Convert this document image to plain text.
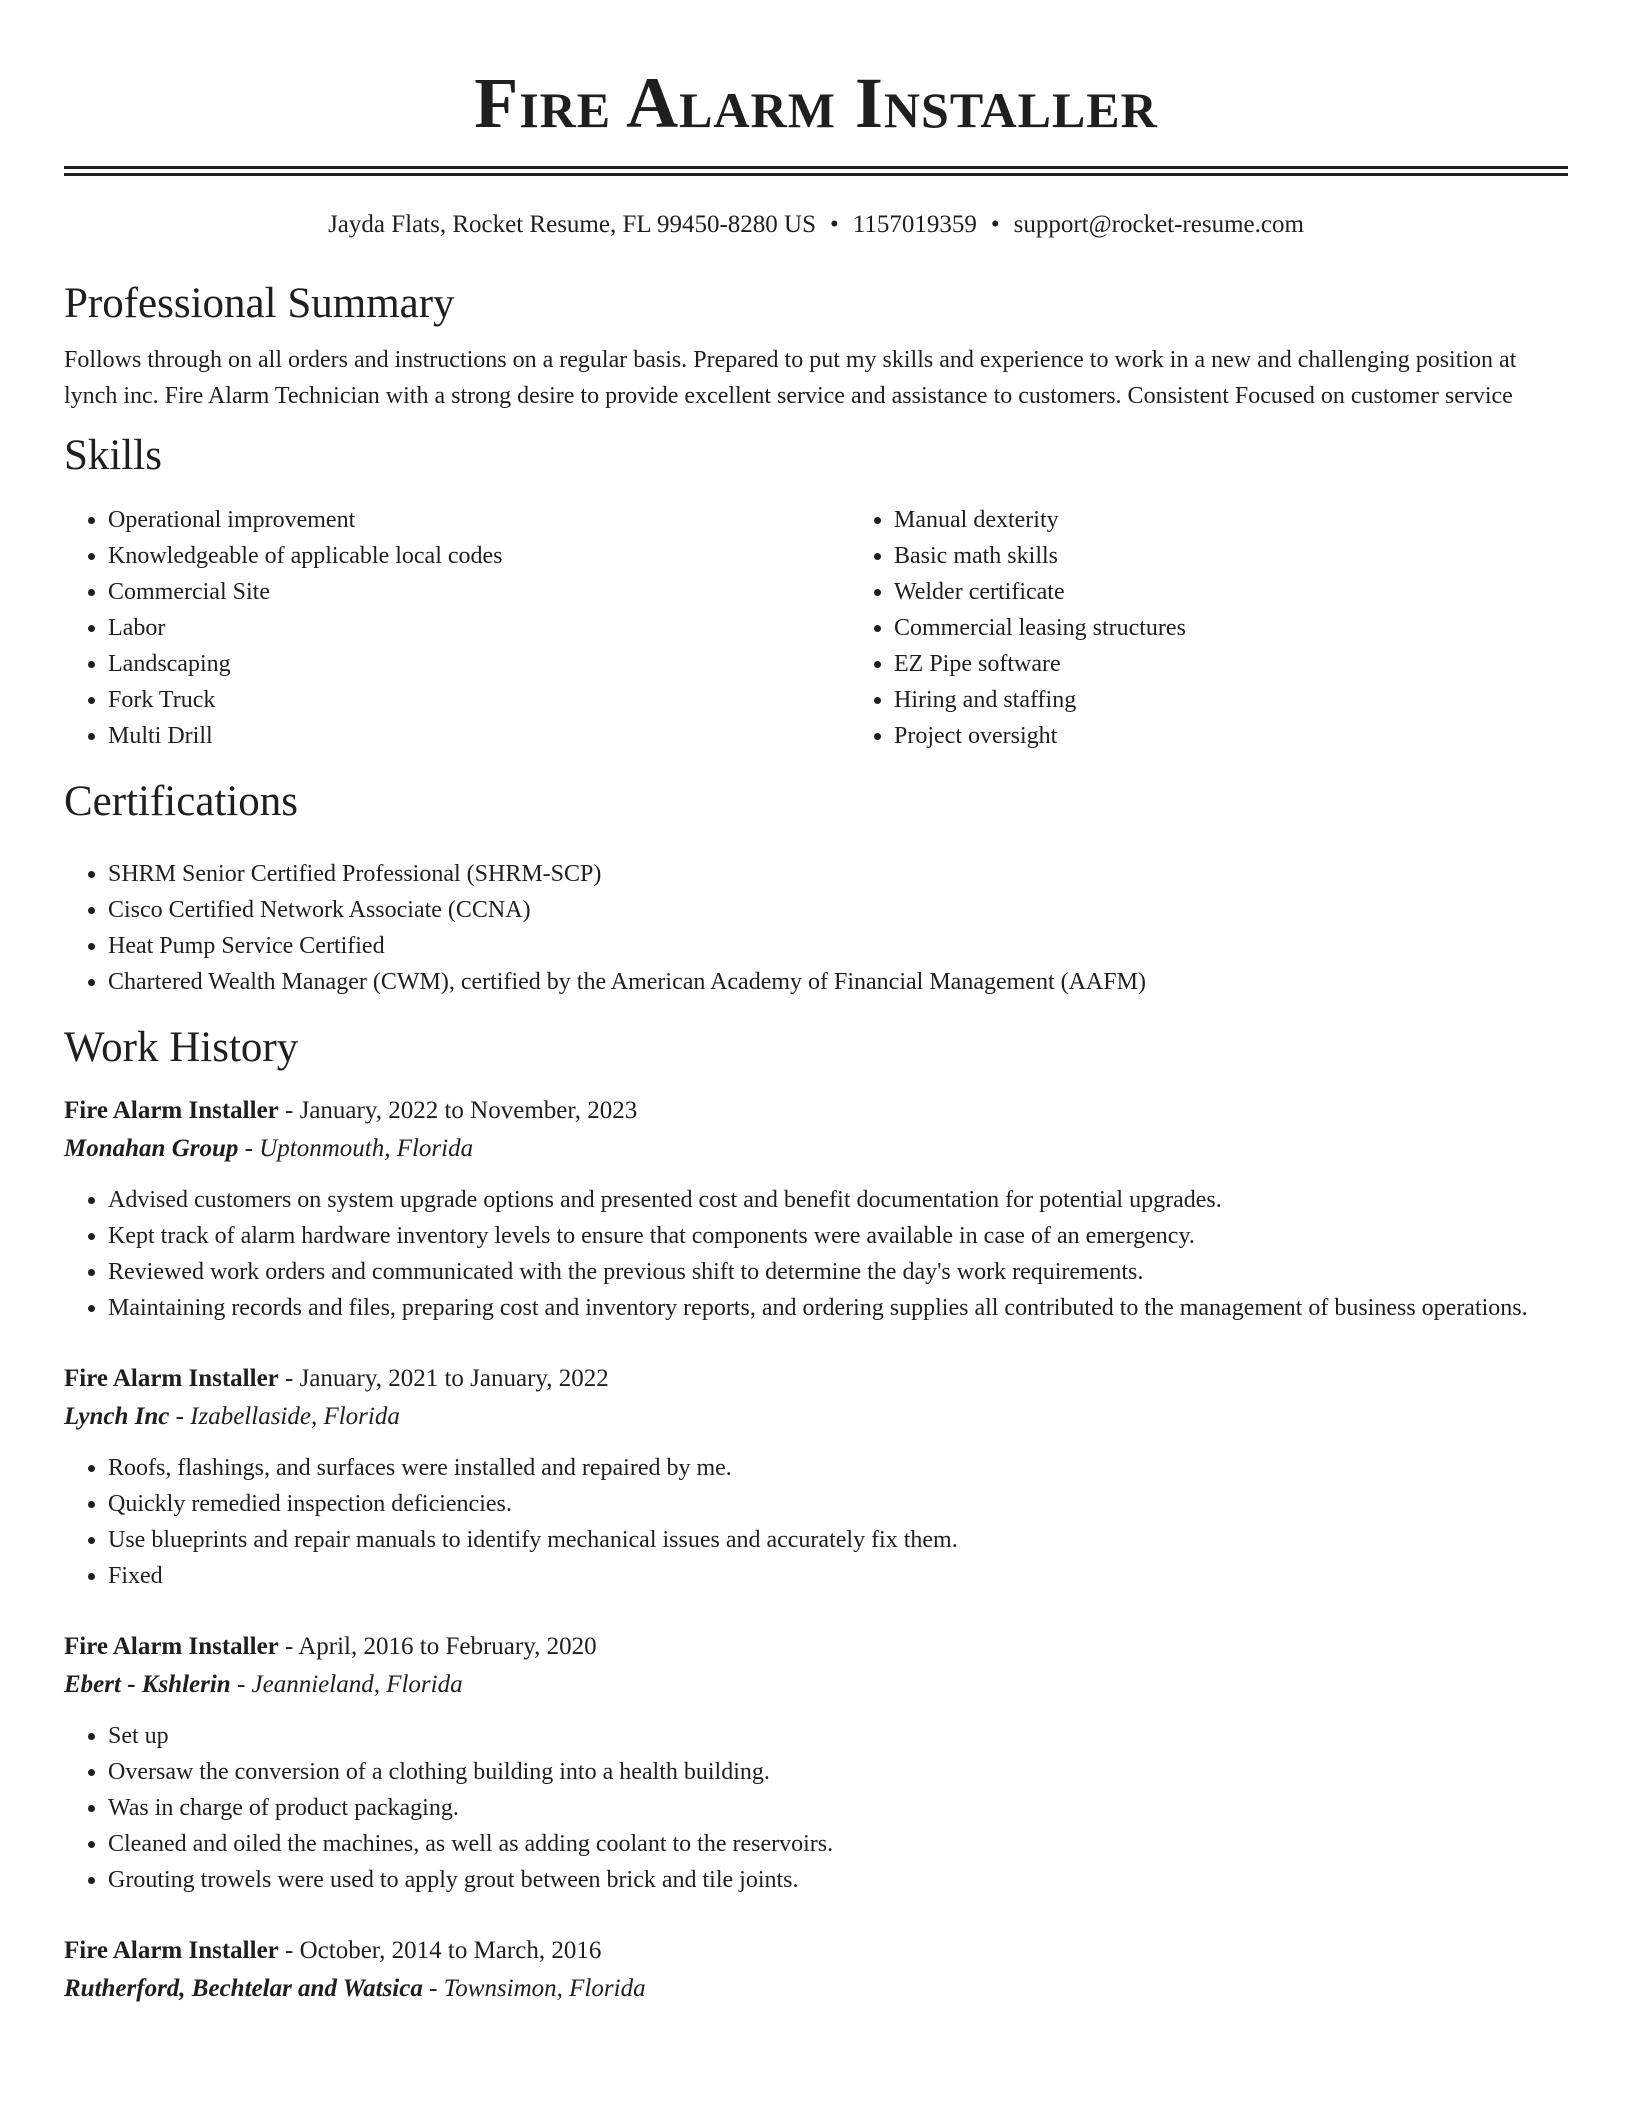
Fire Alarm Installer
Jayda Flats, Rocket Resume, FL 99450-8280 US • 1157019359 • support@rocket-resume.com
Professional Summary
Follows through on all orders and instructions on a regular basis. Prepared to put my skills and experience to work in a new and challenging position at lynch inc. Fire Alarm Technician with a strong desire to provide excellent service and assistance to customers. Consistent Focused on customer service
Skills
• Operational improvement
• Knowledgeable of applicable local codes
• Commercial Site
• Labor
• Landscaping
• Fork Truck
• Multi Drill
• Manual dexterity
• Basic math skills
• Welder certificate
• Commercial leasing structures
• EZ Pipe software
• Hiring and staffing
• Project oversight
Certifications
• SHRM Senior Certified Professional (SHRM-SCP)
• Cisco Certified Network Associate (CCNA)
• Heat Pump Service Certified
• Chartered Wealth Manager (CWM), certified by the American Academy of Financial Management (AAFM)
Work History
Fire Alarm Installer - January, 2022 to November, 2023
Monahan Group - Uptonmouth, Florida
• Advised customers on system upgrade options and presented cost and benefit documentation for potential upgrades.
• Kept track of alarm hardware inventory levels to ensure that components were available in case of an emergency.
• Reviewed work orders and communicated with the previous shift to determine the day's work requirements.
• Maintaining records and files, preparing cost and inventory reports, and ordering supplies all contributed to the management of business operations.
Fire Alarm Installer - January, 2021 to January, 2022
Lynch Inc - Izabellaside, Florida
• Roofs, flashings, and surfaces were installed and repaired by me.
• Quickly remedied inspection deficiencies.
• Use blueprints and repair manuals to identify mechanical issues and accurately fix them.
• Fixed
Fire Alarm Installer - April, 2016 to February, 2020
Ebert - Kshlerin - Jeannieland, Florida
• Set up
• Oversaw the conversion of a clothing building into a health building.
• Was in charge of product packaging.
• Cleaned and oiled the machines, as well as adding coolant to the reservoirs.
• Grouting trowels were used to apply grout between brick and tile joints.
Fire Alarm Installer - October, 2014 to March, 2016
Rutherford, Bechtelar and Watsica - Townsimon, Florida
